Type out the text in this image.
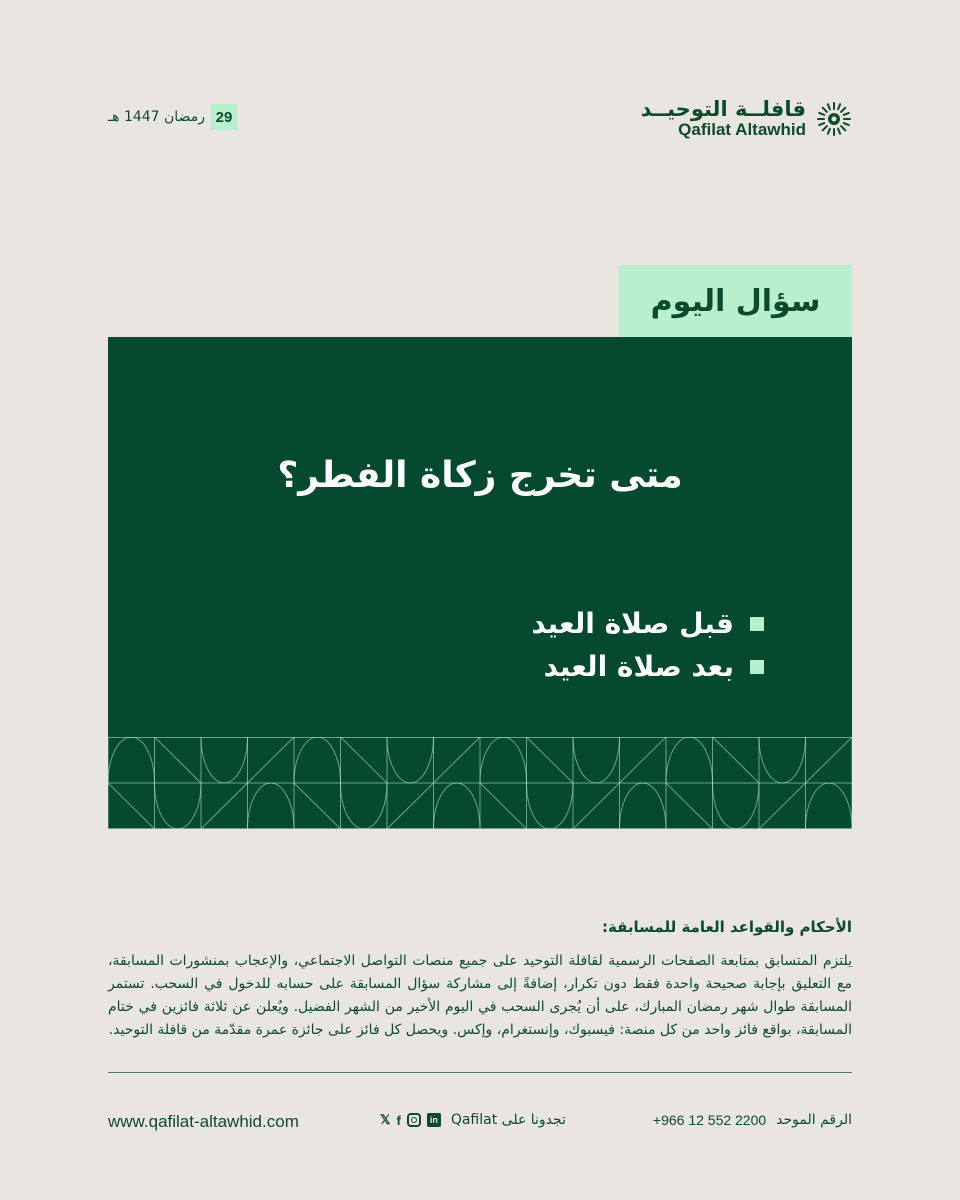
قافلــة التوحيــد
Qafilat Altawhid
رمضان 1447 هـ 29
سؤال اليوم
متى تخرج زكاة الفطر؟
قبل صلاة العيد
بعد صلاة العيد
الأحكام والقواعد العامة للمسابقة:

يلتزم المتسابق بمتابعة الصفحات الرسمية لقافلة التوحيد على جميع منصات التواصل الاجتماعي، والإعجاب بمنشورات المسابقة، مع التعليق بإجابة صحيحة واحدة فقط دون تكرار، إضافةً إلى مشاركة سؤال المسابقة على حسابه للدخول في السحب. تستمر المسابقة طوال شهر رمضان المبارك، على أن يُجرى السحب في اليوم الأخير من الشهر الفضيل. ويُعلن عن ثلاثة فائزين في ختام المسابقة، بواقع فائز واحد من كل منصة: فيسبوك، وإنستغرام، وإكس. ويحصل كل فائز على جائزة عمرة مقدّمة من قافلة التوحيد.

www.qafilat-altawhid.com	𝕏 f	in تجدونا على Qafilat	الرقم الموحد
+966 12 552 2200
